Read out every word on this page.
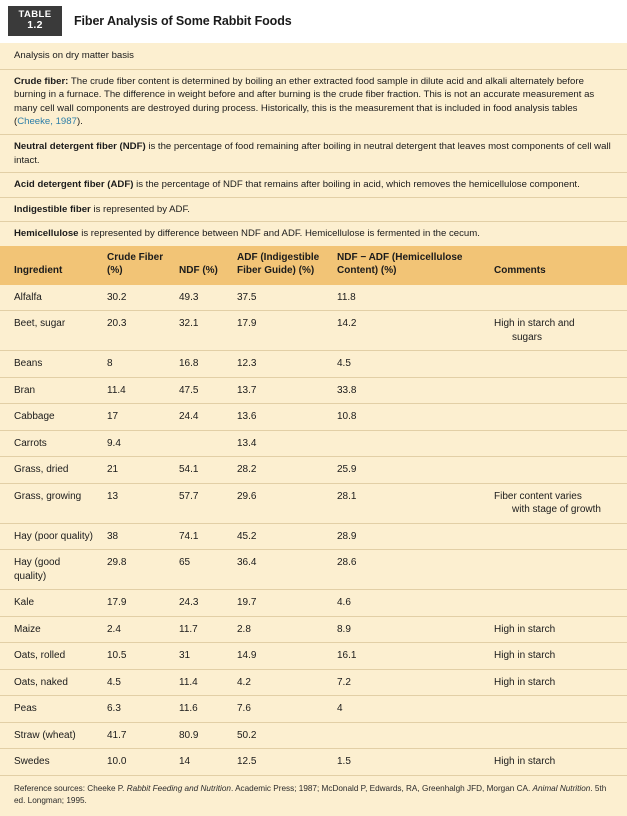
TABLE
1.2	Fiber Analysis of Some Rabbit Foods
Analysis on dry matter basis
Crude fiber: The crude fiber content is determined by boiling an ether extracted food sample in dilute acid and alkali alternately before burning in a furnace. The difference in weight before and after burning is the crude fiber fraction. This is not an accurate measurement as many cell wall components are destroyed during process. Historically, this is the measurement that is included in food analysis tables (Cheeke, 1987).
Neutral detergent fiber (NDF) is the percentage of food remaining after boiling in neutral detergent that leaves most components of cell wall intact.
Acid detergent fiber (ADF) is the percentage of NDF that remains after boiling in acid, which removes the hemicellulose component.
Indigestible fiber is represented by ADF.
Hemicellulose is represented by difference between NDF and ADF. Hemicellulose is fermented in the cecum.
Ingredient	Crude Fiber (%)	NDF (%)	ADF (Indigestible Fiber Guide) (%)	NDF − ADF (Hemicellulose Content) (%)	Comments
Alfalfa	30.2	49.3	37.5	11.8	
Beet, sugar	20.3	32.1	17.9	14.2	High in starch and
sugars

Beans	8	16.8	12.3	4.5	
Bran	11.4	47.5	13.7	33.8	
Cabbage	17	24.4	13.6	10.8	
Carrots	9.4		13.4		
Grass, dried	21	54.1	28.2	25.9	
Grass, growing	13	57.7	29.6	28.1	Fiber content varies
with stage of growth

Hay (poor quality)	38	74.1	45.2	28.9	
Hay (good quality)	29.8	65	36.4	28.6	
Kale	17.9	24.3	19.7	4.6	
Maize	2.4	11.7	2.8	8.9	High in starch
Oats, rolled	10.5	31	14.9	16.1	High in starch
Oats, naked	4.5	11.4	4.2	7.2	High in starch
Peas	6.3	11.6	7.6	4	
Straw (wheat)	41.7	80.9	50.2		
Swedes	10.0	14	12.5	1.5	High in starch
Reference sources: Cheeke P. Rabbit Feeding and Nutrition. Academic Press; 1987; McDonald P, Edwards, RA, Greenhalgh JFD, Morgan CA. Animal Nutrition. 5th ed. Longman; 1995.
